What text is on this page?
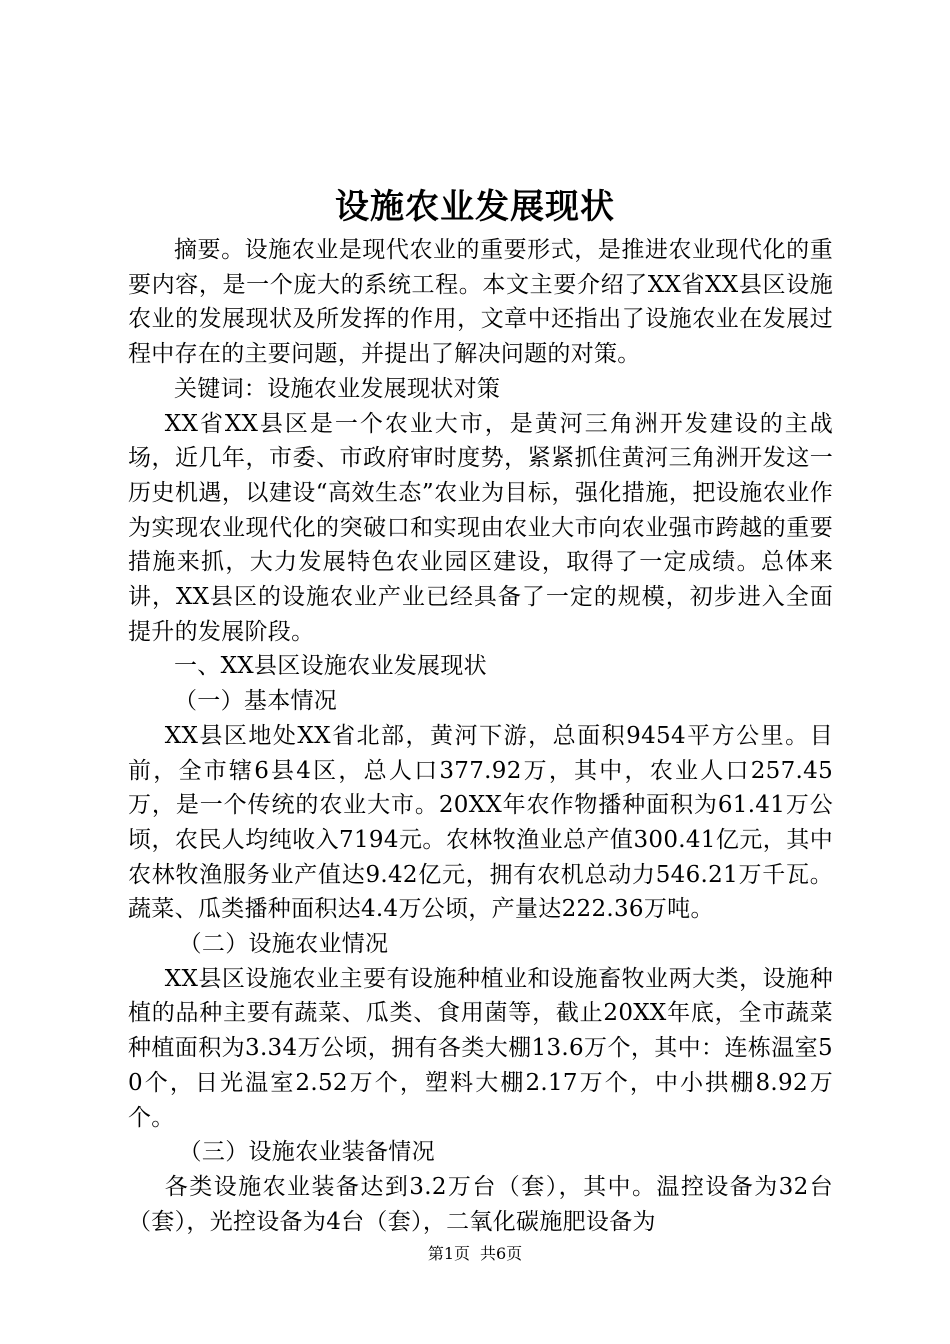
设施农业发展现状

摘要。设施农业是现代农业的重要形式，是推进农业现代化的重要内容，是一个庞大的系统工程。本文主要介绍了XX省XX县区设施农业的发展现状及所发挥的作用，文章中还指出了设施农业在发展过程中存在的主要问题，并提出了解决问题的对策。

关键词：设施农业发展现状对策

XX省XX县区是一个农业大市，是黄河三角洲开发建设的主战场，近几年，市委、市政府审时度势，紧紧抓住黄河三角洲开发这一历史机遇，以建设“高效生态”农业为目标，强化措施，把设施农业作为实现农业现代化的突破口和实现由农业大市向农业强市跨越的重要措施来抓，大力发展特色农业园区建设，取得了一定成绩。总体来讲，XX县区的设施农业产业已经具备了一定的规模，初步进入全面提升的发展阶段。

一、XX县区设施农业发展现状

（一）基本情况

XX县区地处XX省北部，黄河下游，总面积9454平方公里。目前，全市辖6县4区，总人口377.92万，其中，农业人口257.45万，是一个传统的农业大市。20XX年农作物播种面积为61.41万公顷，农民人均纯收入7194元。农林牧渔业总产值300.41亿元，其中农林牧渔服务业产值达9.42亿元，拥有农机总动力546.21万千瓦。蔬菜、瓜类播种面积达4.4万公顷，产量达222.36万吨。

（二）设施农业情况

XX县区设施农业主要有设施种植业和设施畜牧业两大类，设施种植的品种主要有蔬菜、瓜类、食用菌等，截止20XX年底，全市蔬菜种植面积为3.34万公顷，拥有各类大棚13.6万个，其中：连栋温室50个，日光温室2.52万个，塑料大棚2.17万个，中小拱棚8.92万个。

（三）设施农业装备情况

各类设施农业装备达到3.2万台（套），其中。温控设备为32台（套），光控设备为4台（套），二氧化碳施肥设备为

第1页 共6页
